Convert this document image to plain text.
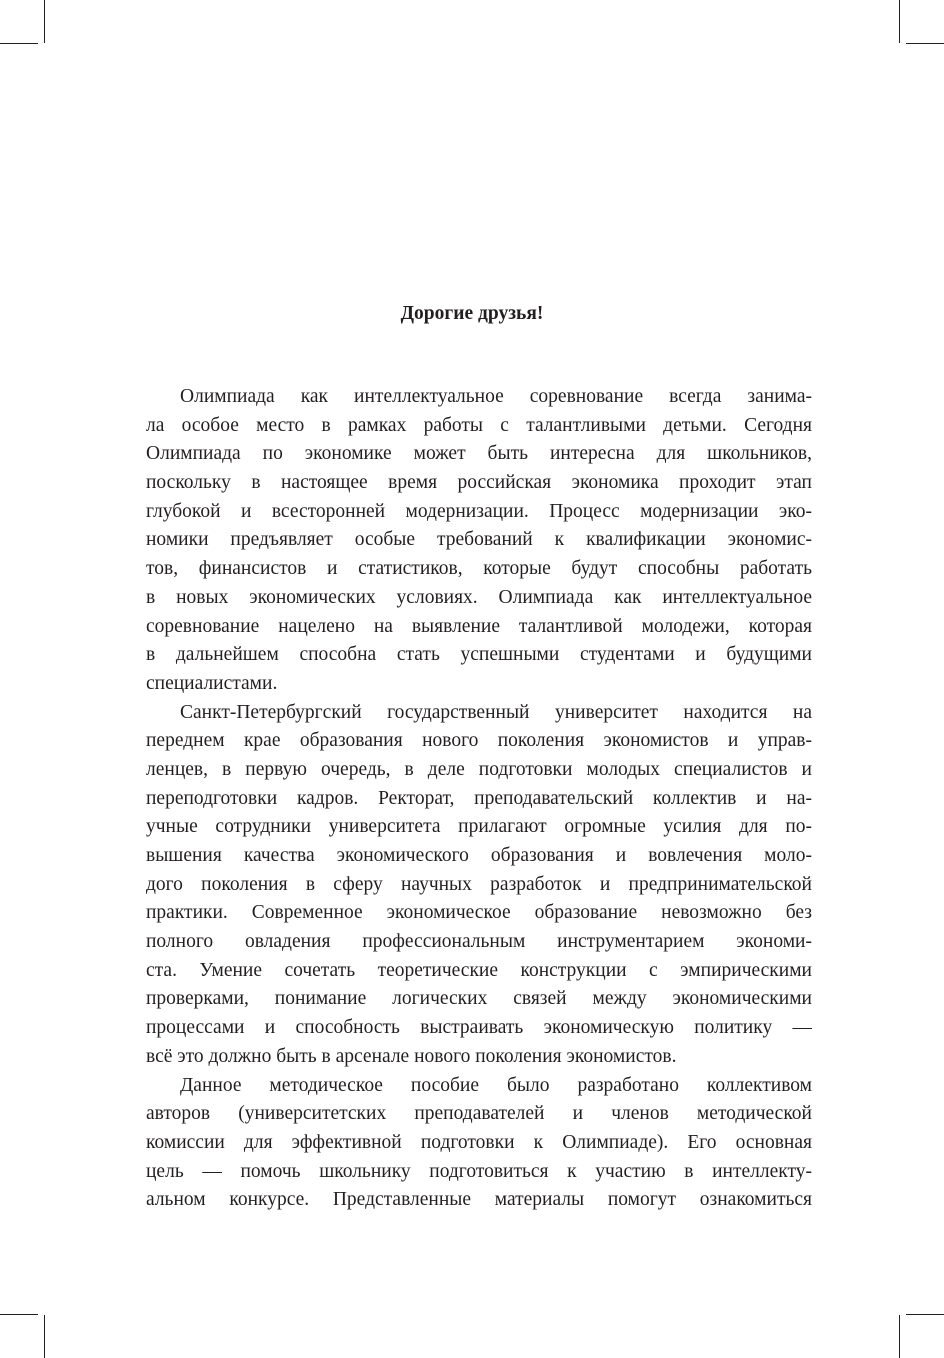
Дорогие друзья!
Олимпиада как интеллектуальное соревнование всегда занима-
ла особое место в рамках работы с талантливыми детьми. Сегодня
Олимпиада по экономике может быть интересна для школьников,
поскольку в настоящее время российская экономика проходит этап
глубокой и всесторонней модернизации. Процесс модернизации эко-
номики предъявляет особые требований к квалификации экономис-
тов, финансистов и статистиков, которые будут способны работать
в новых экономических условиях. Олимпиада как интеллектуальное
соревнование нацелено на выявление талантливой молодежи, которая
в дальнейшем способна стать успешными студентами и будущими
специалистами.
Санкт-Петербургский государственный университет находится на
переднем крае образования нового поколения экономистов и управ-
ленцев, в первую очередь, в деле подготовки молодых специалистов и
переподготовки кадров. Ректорат, преподавательский коллектив и на-
учные сотрудники университета прилагают огромные усилия для по-
вышения качества экономического образования и вовлечения моло-
дого поколения в сферу научных разработок и предпринимательской
практики. Современное экономическое образование невозможно без
полного овладения профессиональным инструментарием экономи-
ста. Умение сочетать теоретические конструкции с эмпирическими
проверками, понимание логических связей между экономическими
процессами и способность выстраивать экономическую политику —
всё это должно быть в арсенале нового поколения экономистов.
Данное методическое пособие было разработано коллективом
авторов (университетских преподавателей и членов методической
комиссии для эффективной подготовки к Олимпиаде). Его основная
цель — помочь школьнику подготовиться к участию в интеллекту-
альном конкурсе. Представленные материалы помогут ознакомиться
